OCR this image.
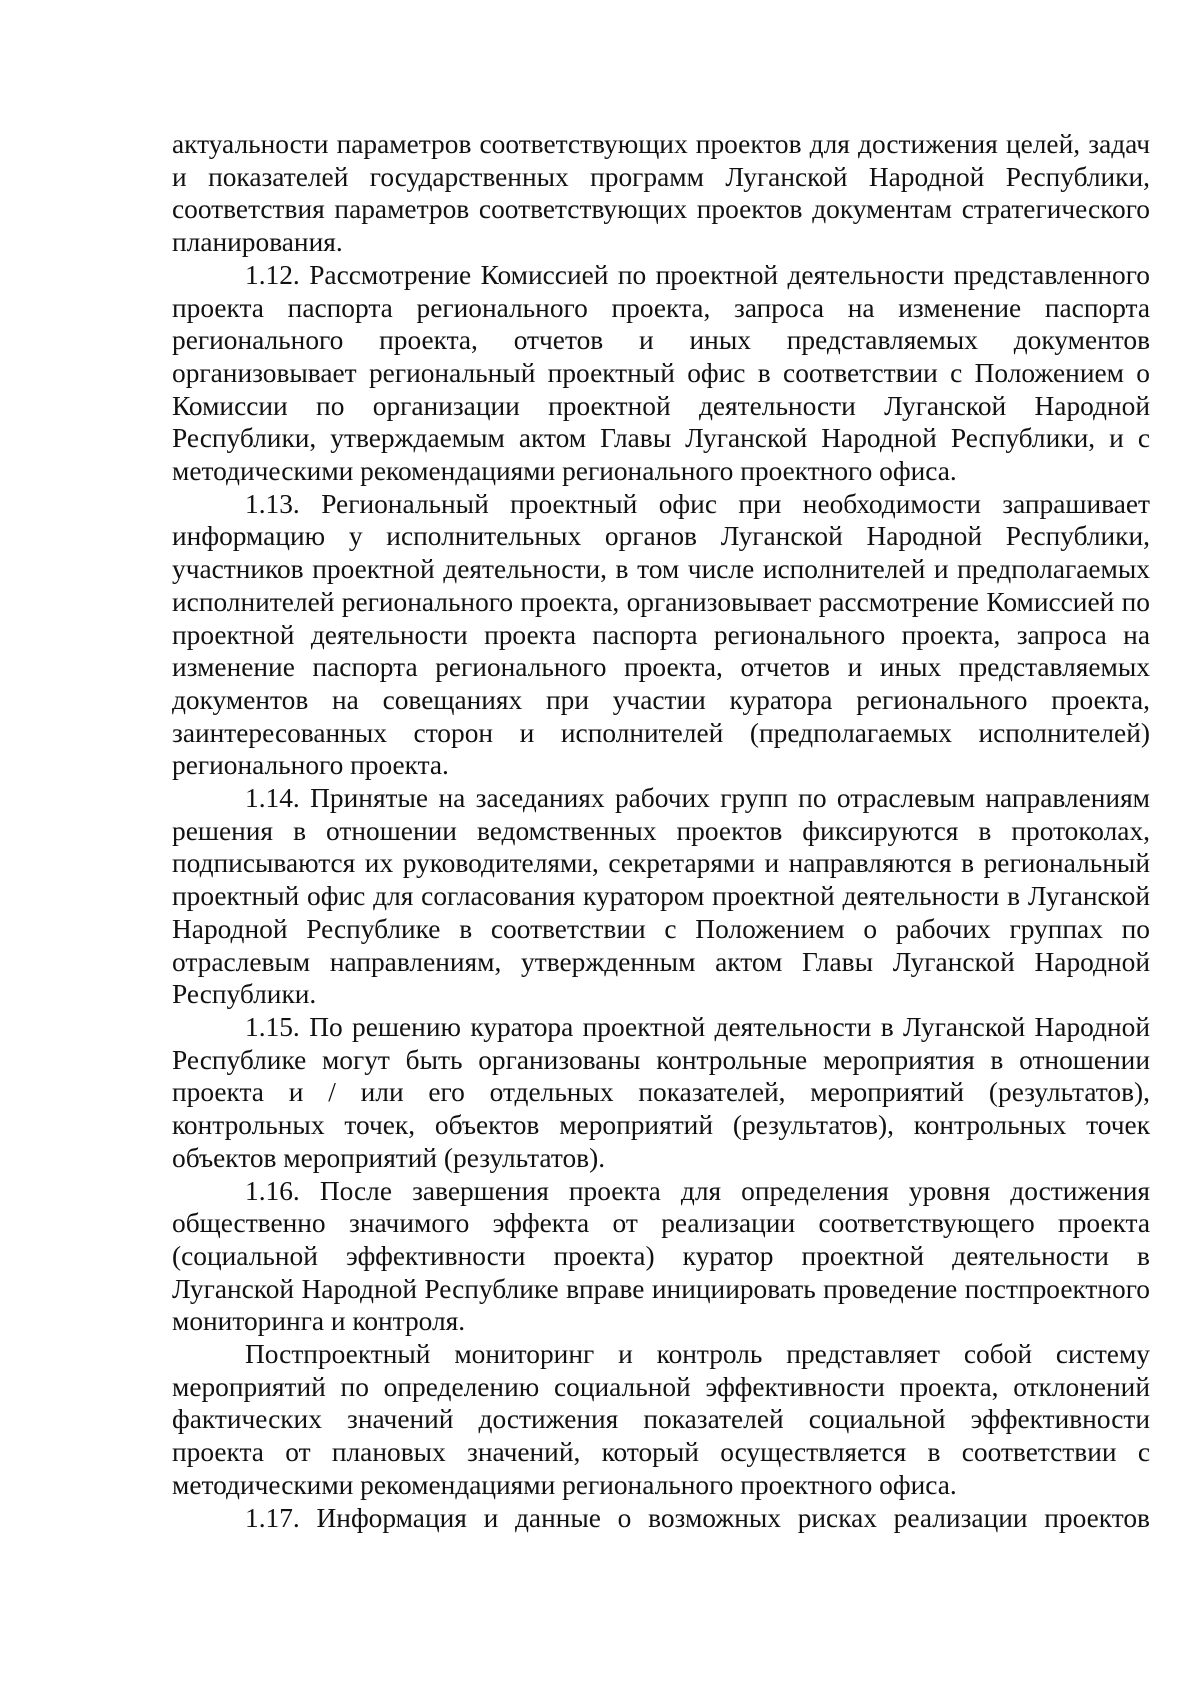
актуальности параметров соответствующих проектов для достижения целей, задач и показателей государственных программ Луганской Народной Республики, соответствия параметров соответствующих проектов документам стратегического планирования.

1.12. Рассмотрение Комиссией по проектной деятельности представленного проекта паспорта регионального проекта, запроса на изменение паспорта регионального проекта, отчетов и иных представляемых документов организовывает региональный проектный офис в соответствии с Положением о Комиссии по организации проектной деятельности Луганской Народной Республики, утверждаемым актом Главы Луганской Народной Республики, и с методическими рекомендациями регионального проектного офиса.

1.13. Региональный проектный офис при необходимости запрашивает информацию у исполнительных органов Луганской Народной Республики, участников проектной деятельности, в том числе исполнителей и предполагаемых исполнителей регионального проекта, организовывает рассмотрение Комиссией по проектной деятельности проекта паспорта регионального проекта, запроса на изменение паспорта регионального проекта, отчетов и иных представляемых документов на совещаниях при участии куратора регионального проекта, заинтересованных сторон и исполнителей (предполагаемых исполнителей) регионального проекта.

1.14. Принятые на заседаниях рабочих групп по отраслевым направлениям решения в отношении ведомственных проектов фиксируются в протоколах, подписываются их руководителями, секретарями и направляются в региональный проектный офис для согласования куратором проектной деятельности в Луганской Народной Республике в соответствии с Положением о рабочих группах по отраслевым направлениям, утвержденным актом Главы Луганской Народной Республики.

1.15. По решению куратора проектной деятельности в Луганской Народной Республике могут быть организованы контрольные мероприятия в отношении проекта и / или его отдельных показателей, мероприятий (результатов), контрольных точек, объектов мероприятий (результатов), контрольных точек объектов мероприятий (результатов).

1.16. После завершения проекта для определения уровня достижения общественно значимого эффекта от реализации соответствующего проекта (социальной эффективности проекта) куратор проектной деятельности в Луганской Народной Республике вправе инициировать проведение постпроектного мониторинга и контроля.

Постпроектный мониторинг и контроль представляет собой систему мероприятий по определению социальной эффективности проекта, отклонений фактических значений достижения показателей социальной эффективности проекта от плановых значений, который осуществляется в соответствии с методическими рекомендациями регионального проектного офиса.

1.17. Информация и данные о возможных рисках реализации проектов
